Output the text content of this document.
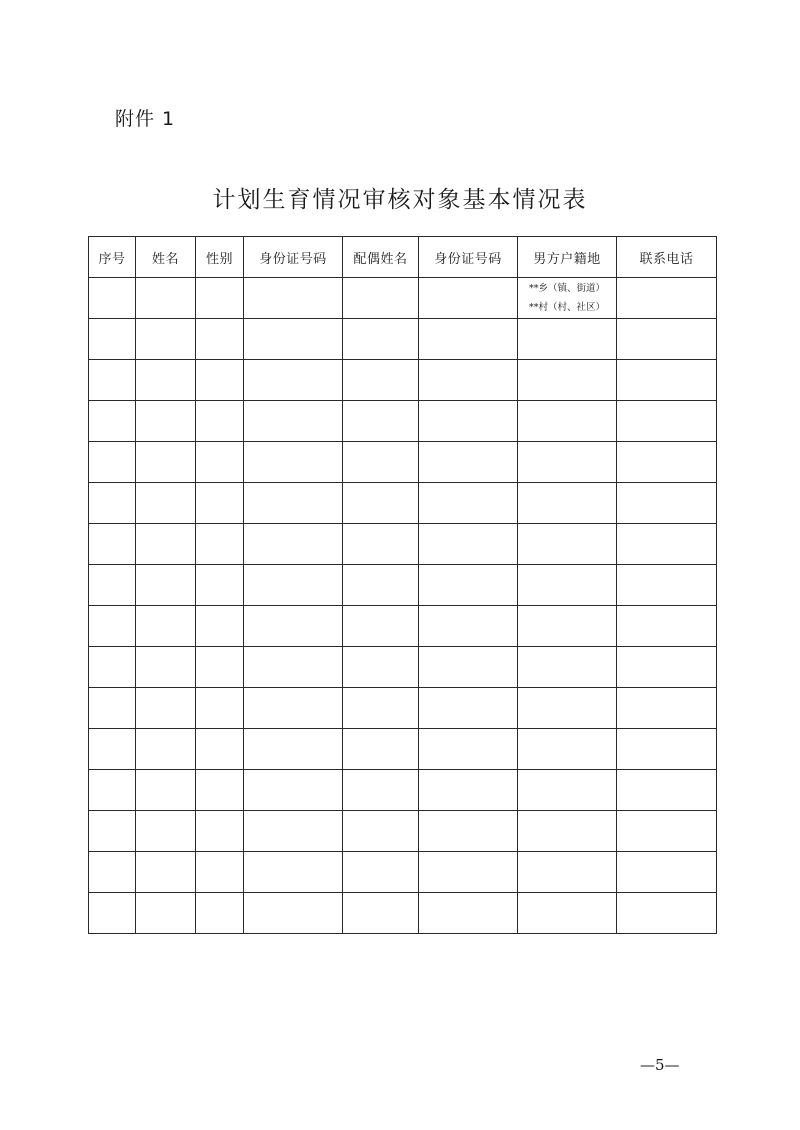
附件 1
计划生育情况审核对象基本情况表
序号	姓名	性别	身份证号码	配偶姓名	身份证号码	男方户籍地	联系电话

						**乡（镇、街道）
**村（村、社区）	

—5—
